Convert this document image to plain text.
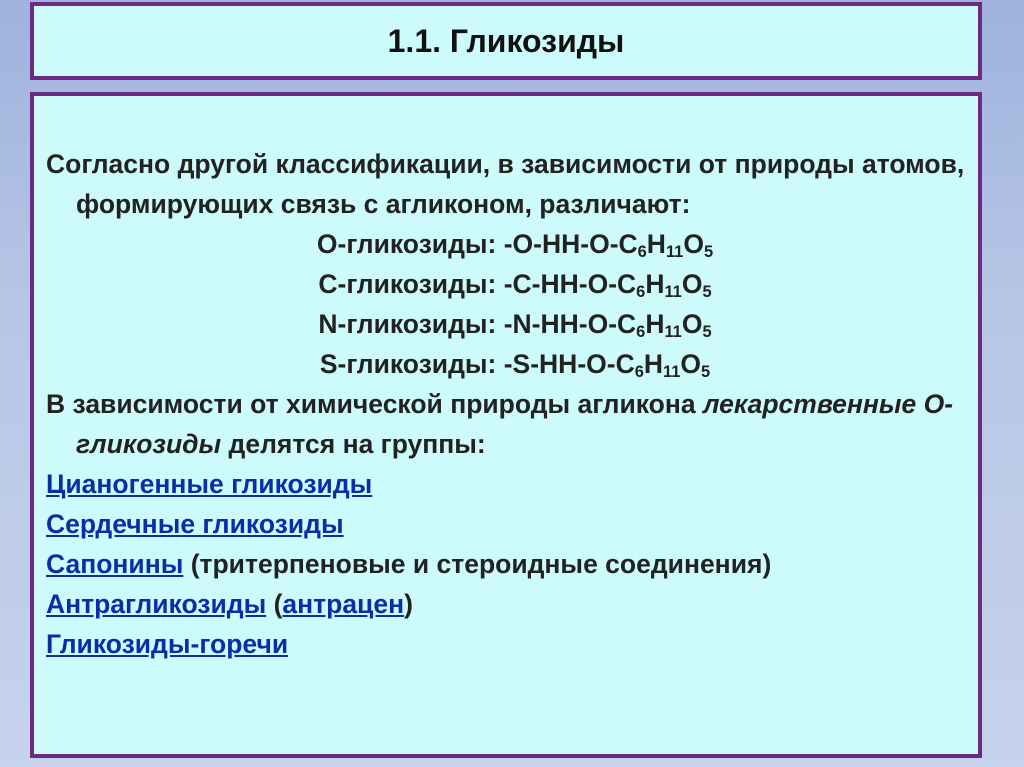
1.1. Гликозиды

Согласно другой классификации, в зависимости от природы атомов, формирующих связь с агликоном, различают:

O-гликозиды: $-O-HH-O-C_6H_{11}O_5$
C-гликозиды: $-C-HH-O-C_6H_{11}O_5$
N-гликозиды: $-N-HH-O-C_6H_{11}O_5$
S-гликозиды: $-S-HH-O-C_6H_{11}O_5$

В зависимости от химической природы агликона лекарственные О-гликозиды делятся на группы:

Цианогенные гликозиды

Сердечные гликозиды

Сапонины (тритерпеновые и стероидные соединения)

Антрагликозиды (антрацен)

Гликозиды-горечи
